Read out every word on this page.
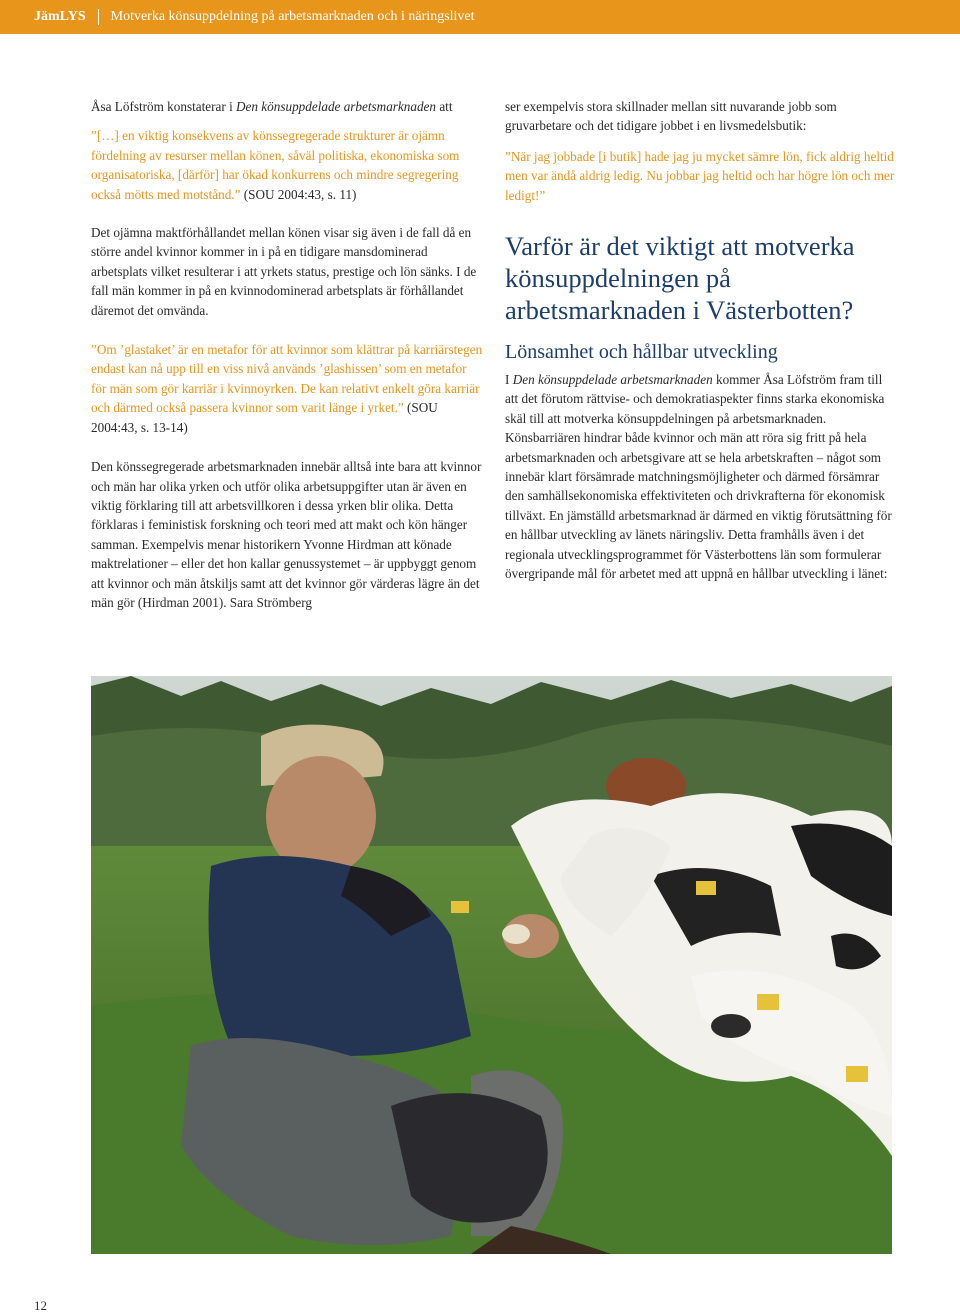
JämLYS Motverka könsuppdelning på arbetsmarknaden och i näringslivet

Åsa Löfström konstaterar i Den könsuppdelade arbetsmarknaden att

”[…] en viktig konsekvens av könssegregerade strukturer är ojämn fördelning av resurser mellan könen, såväl politiska, ekonomiska som organisatoriska, [därför] har ökad konkurrens och mindre segregering också mötts med motstånd.” (SOU 2004:43, s. 11)

Det ojämna maktförhållandet mellan könen visar sig även i de fall då en större andel kvinnor kommer in i på en tidigare mansdominerad arbetsplats vilket resulterar i att yrkets status, prestige och lön sänks. I de fall män kommer in på en kvinnodominerad arbetsplats är förhållandet däremot det omvända.

”Om ’glastaket’ är en metafor för att kvinnor som klättrar på karriärstegen endast kan nå upp till en viss nivå används ’glashissen’ som en metafor för män som gör karriär i kvinnoyrken. De kan relativt enkelt göra karriär och därmed också passera kvinnor som varit länge i yrket.” (SOU 2004:43, s. 13-14)

Den könssegregerade arbetsmarknaden innebär alltså inte bara att kvinnor och män har olika yrken och utför olika arbetsuppgifter utan är även en viktig förklaring till att arbetsvillkoren i dessa yrken blir olika. Detta förklaras i feministisk forskning och teori med att makt och kön hänger samman. Exempelvis menar historikern Yvonne Hirdman att könade maktrelationer – eller det hon kallar genussystemet – är uppbyggt genom att kvinnor och män åtskiljs samt att det kvinnor gör värderas lägre än det män gör (Hirdman 2001). Sara Strömberg

ser exempelvis stora skillnader mellan sitt nuvarande jobb som gruvarbetare och det tidigare jobbet i en livsmedelsbutik:

”När jag jobbade [i butik] hade jag ju mycket sämre lön, fick aldrig heltid men var ändå aldrig ledig. Nu jobbar jag heltid och har högre lön och mer ledigt!”

Varför är det viktigt att motverka könsuppdelningen på arbetsmarknaden i Västerbotten?
Lönsamhet och hållbar utveckling

I Den könsuppdelade arbetsmarknaden kommer Åsa Löfström fram till att det förutom rättvise- och demokratiaspekter finns starka ekonomiska skäl till att motverka könsuppdelningen på arbetsmarknaden. Könsbarriären hindrar både kvinnor och män att röra sig fritt på hela arbetsmarknaden och arbetsgivare att se hela arbetskraften – något som innebär klart försämrade matchningsmöjligheter och därmed försämrar den samhällsekonomiska effektiviteten och drivkrafterna för ekonomisk tillväxt. En jämställd arbetsmarknad är därmed en viktig förutsättning för en hållbar utveckling av länets näringsliv. Detta framhålls även i det regionala utvecklingsprogrammet för Västerbottens län som formulerar övergripande mål för arbetet med att uppnå en hållbar utveckling i länet:

12
